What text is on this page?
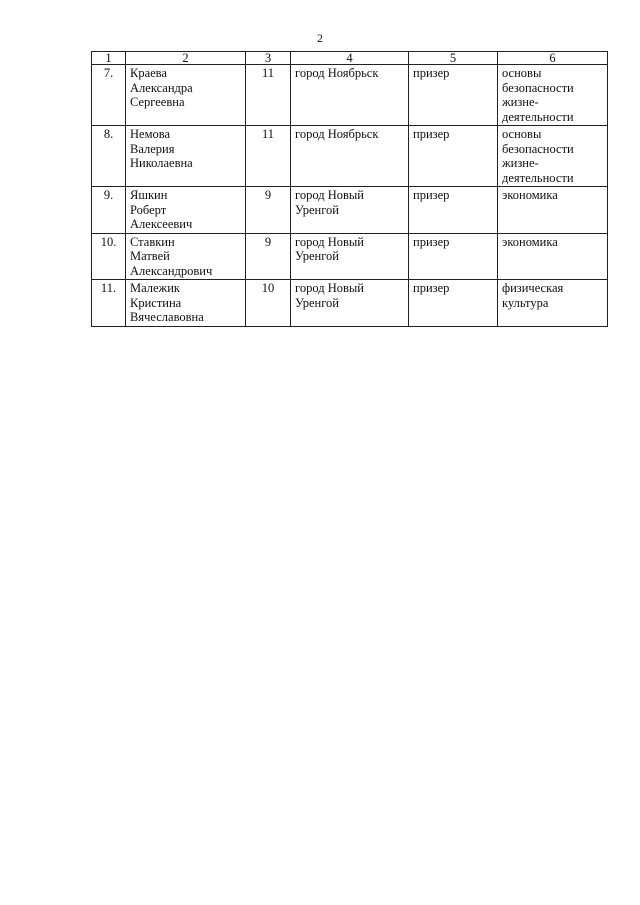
2
1	2	3	4	5	6
7.	Краева
Александра
Сергеевна	11	город Ноябрьск	призер	основы
безопасности
жизне-
деятельности

8.	Немова
Валерия
Николаевна	11	город Ноябрьск	призер	основы
безопасности
жизне-
деятельности

9.	Яшкин
Роберт
Алексеевич	9	город Новый
Уренгой	призер	экономика

10.	Ставкин
Матвей
Александрович	9	город Новый
Уренгой	призер	экономика

11.	Малежик
Кристина
Вячеславовна	10	город Новый
Уренгой	призер	физическая
культура
